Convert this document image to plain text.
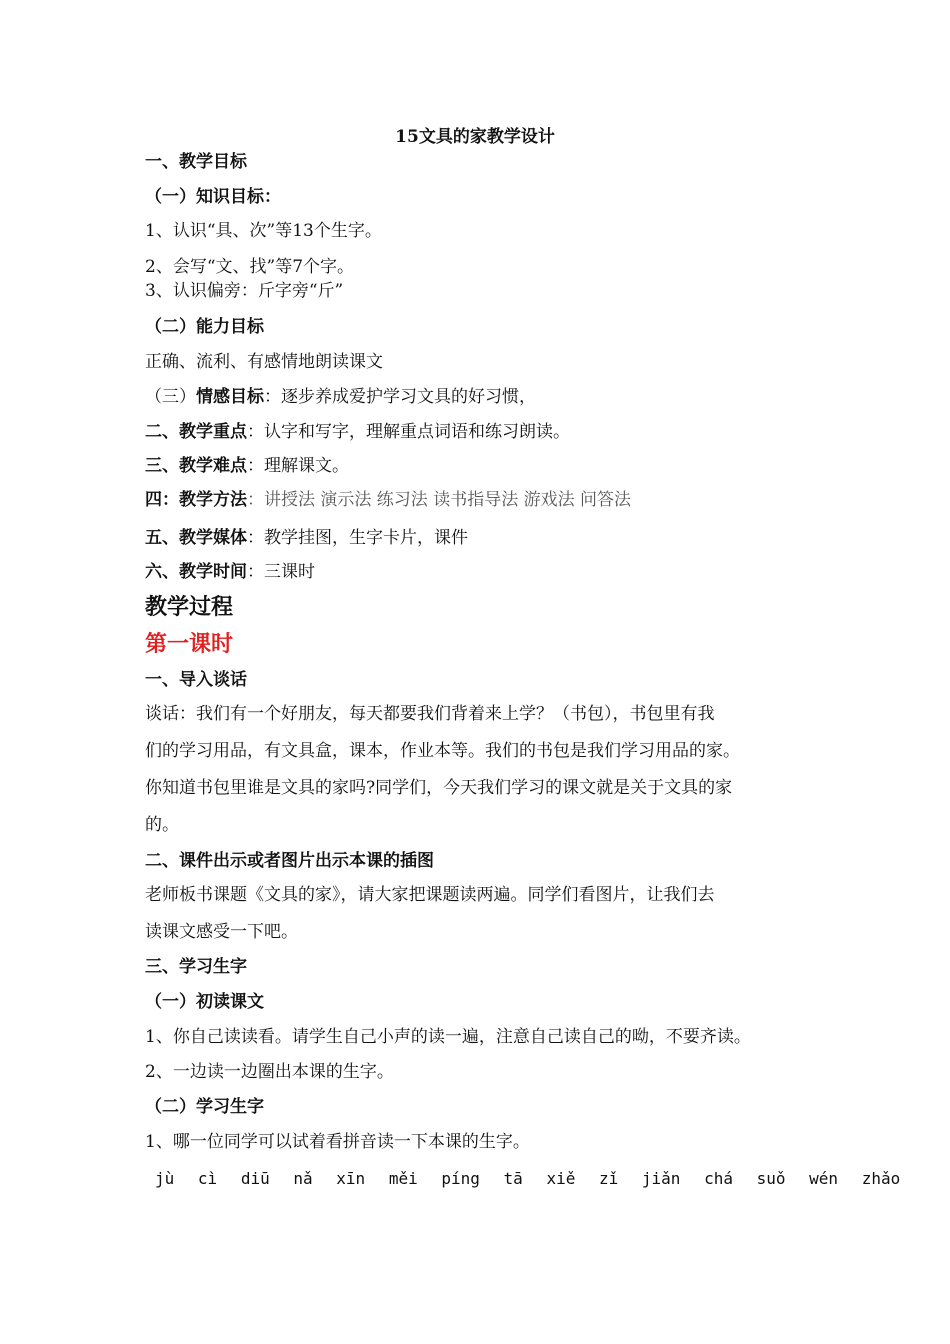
15文具的家教学设计
一、教学目标
（一）知识目标：
1、认识“具、次”等13个生字。
2、会写“文、找”等7个字。
3、认识偏旁：斤字旁“斤”
（二）能力目标
正确、流利、有感情地朗读课文
（三）情感目标：逐步养成爱护学习文具的好习惯，
二、教学重点：认字和写字，理解重点词语和练习朗读。
三、教学难点：理解课文。
四：教学方法：讲授法 演示法 练习法 读书指导法 游戏法 问答法
五、教学媒体：教学挂图，生字卡片，课件
六、教学时间：三课时
教学过程
第一课时
一、导入谈话
谈话：我们有一个好朋友，每天都要我们背着来上学？（书包），书包里有我
们的学习用品，有文具盒，课本，作业本等。我们的书包是我们学习用品的家。
你知道书包里谁是文具的家吗?同学们，今天我们学习的课文就是关于文具的家
的。
二、课件出示或者图片出示本课的插图
老师板书课题《文具的家》，请大家把课题读两遍。同学们看图片，让我们去
读课文感受一下吧。
三、学习生字
（一）初读课文
1、你自己读读看。请学生自己小声的读一遍，注意自己读自己的呦，不要齐读。
2、一边读一边圈出本课的生字。
（二）学习生字
1、哪一位同学可以试着看拼音读一下本课的生字。
jù cì diū nǎ xīn měi píng tā xiě zǐ jiǎn chá suǒ wén zhǎo
